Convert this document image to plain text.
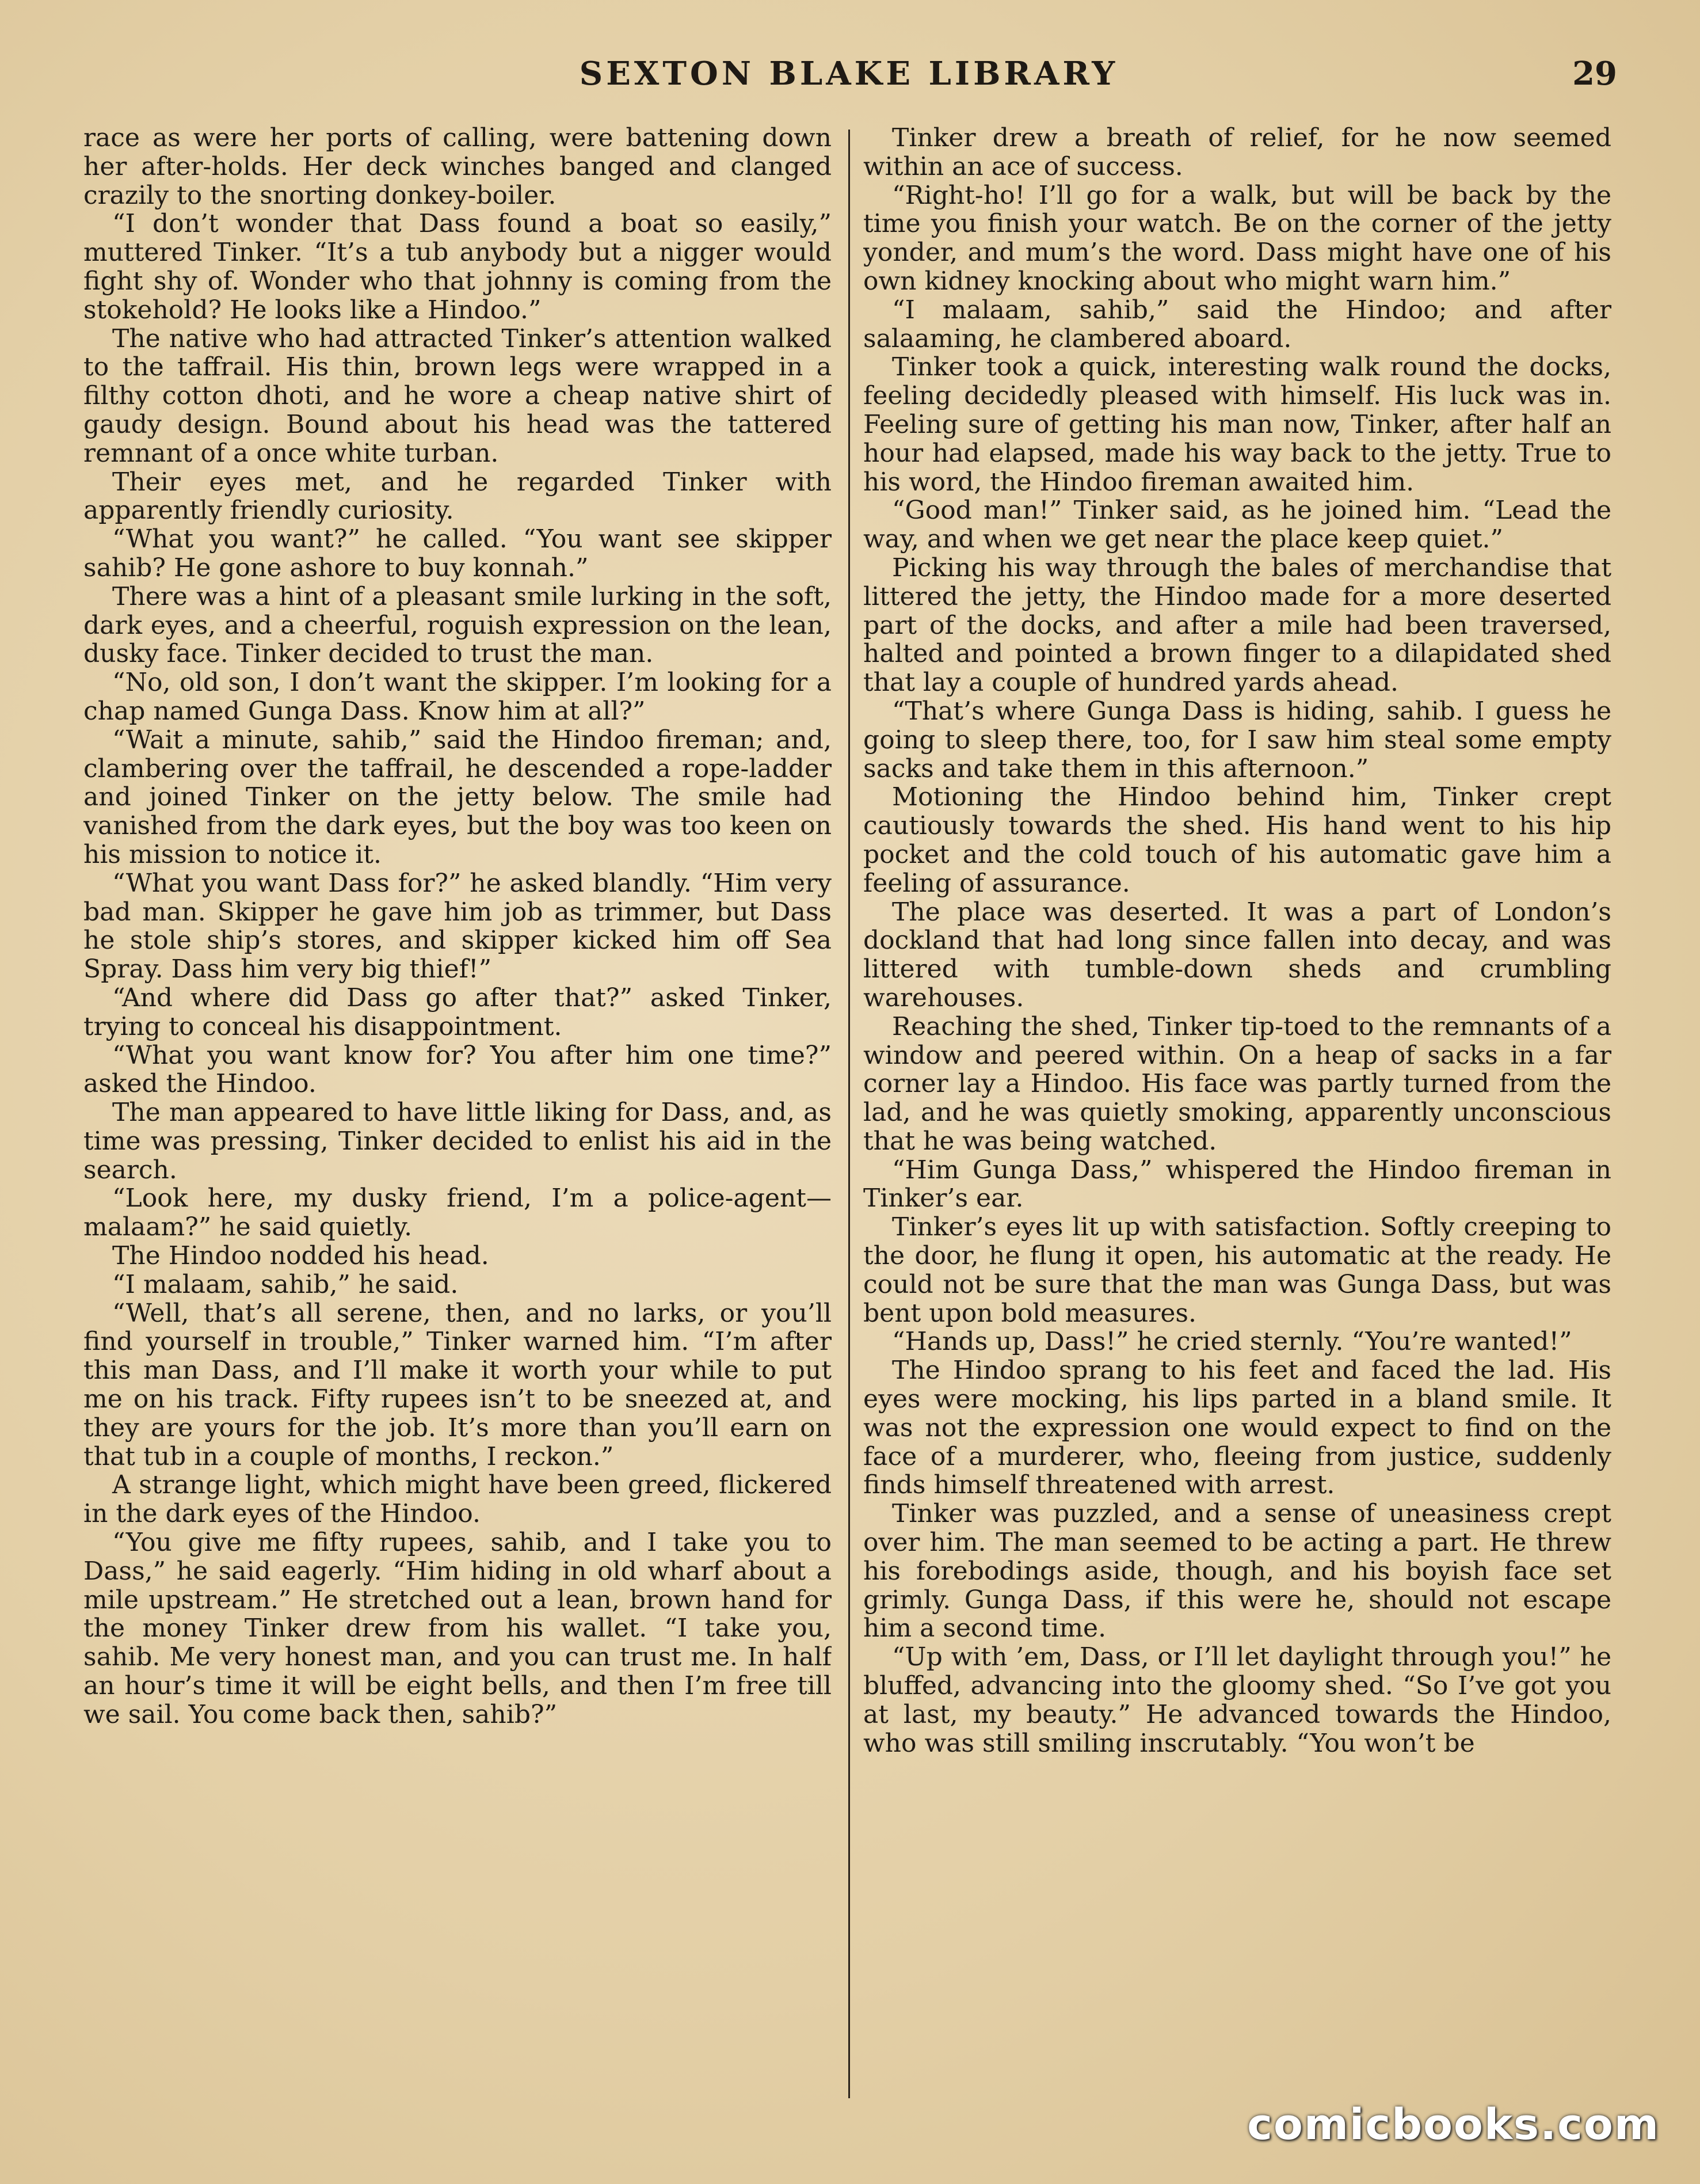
SEXTON BLAKE LIBRARY	29

race as were her ports of calling, were battening down her after-holds. Her deck winches banged and clanged crazily to the snorting donkey-boiler.

“I don’t wonder that Dass found a boat so easily,” muttered Tinker. “It’s a tub anybody but a nigger would fight shy of. Wonder who that johnny is coming from the stokehold? He looks like a Hindoo.”

The native who had attracted Tinker’s attention walked to the taffrail. His thin, brown legs were wrapped in a filthy cotton dhoti, and he wore a cheap native shirt of gaudy design. Bound about his head was the tattered remnant of a once white turban.

Their eyes met, and he regarded Tinker with apparently friendly curiosity.

“What you want?” he called. “You want see skipper sahib? He gone ashore to buy konnah.”

There was a hint of a pleasant smile lurking in the soft, dark eyes, and a cheerful, roguish expression on the lean, dusky face. Tinker decided to trust the man.

“No, old son, I don’t want the skipper. I’m looking for a chap named Gunga Dass. Know him at all?”

“Wait a minute, sahib,” said the Hindoo fireman; and, clambering over the taffrail, he descended a rope-ladder and joined Tinker on the jetty below. The smile had vanished from the dark eyes, but the boy was too keen on his mission to notice it.

“What you want Dass for?” he asked blandly. “Him very bad man. Skipper he gave him job as trimmer, but Dass he stole ship’s stores, and skipper kicked him off Sea Spray. Dass him very big thief!”

“And where did Dass go after that?” asked Tinker, trying to conceal his disappointment.

“What you want know for? You after him one time?” asked the Hindoo.

The man appeared to have little liking for Dass, and, as time was pressing, Tinker decided to enlist his aid in the search.

“Look here, my dusky friend, I’m a police-agent—malaam?” he said quietly.

The Hindoo nodded his head.

“I malaam, sahib,” he said.

“Well, that’s all serene, then, and no larks, or you’ll find yourself in trouble,” Tinker warned him. “I’m after this man Dass, and I’ll make it worth your while to put me on his track. Fifty rupees isn’t to be sneezed at, and they are yours for the job. It’s more than you’ll earn on that tub in a couple of months, I reckon.”

A strange light, which might have been greed, flickered in the dark eyes of the Hindoo.

“You give me fifty rupees, sahib, and I take you to Dass,” he said eagerly. “Him hiding in old wharf about a mile upstream.” He stretched out a lean, brown hand for the money Tinker drew from his wallet. “I take you, sahib. Me very honest man, and you can trust me. In half an hour’s time it will be eight bells, and then I’m free till we sail. You come back then, sahib?”

Tinker drew a breath of relief, for he now seemed within an ace of success.

“Right-ho! I’ll go for a walk, but will be back by the time you finish your watch. Be on the corner of the jetty yonder, and mum’s the word. Dass might have one of his own kidney knocking about who might warn him.”

“I malaam, sahib,” said the Hindoo; and after salaaming, he clambered aboard.

Tinker took a quick, interesting walk round the docks, feeling decidedly pleased with himself. His luck was in. Feeling sure of getting his man now, Tinker, after half an hour had elapsed, made his way back to the jetty. True to his word, the Hindoo fireman awaited him.

“Good man!” Tinker said, as he joined him. “Lead the way, and when we get near the place keep quiet.”

Picking his way through the bales of merchandise that littered the jetty, the Hindoo made for a more deserted part of the docks, and after a mile had been traversed, halted and pointed a brown finger to a dilapidated shed that lay a couple of hundred yards ahead.

“That’s where Gunga Dass is hiding, sahib. I guess he going to sleep there, too, for I saw him steal some empty sacks and take them in this afternoon.”

Motioning the Hindoo behind him, Tinker crept cautiously towards the shed. His hand went to his hip pocket and the cold touch of his automatic gave him a feeling of assurance.

The place was deserted. It was a part of London’s dockland that had long since fallen into decay, and was littered with tumble-down sheds and crumbling warehouses.

Reaching the shed, Tinker tip-toed to the remnants of a window and peered within. On a heap of sacks in a far corner lay a Hindoo. His face was partly turned from the lad, and he was quietly smoking, apparently unconscious that he was being watched.

“Him Gunga Dass,” whispered the Hindoo fireman in Tinker’s ear.

Tinker’s eyes lit up with satisfaction. Softly creeping to the door, he flung it open, his automatic at the ready. He could not be sure that the man was Gunga Dass, but was bent upon bold measures.

“Hands up, Dass!” he cried sternly. “You’re wanted!”

The Hindoo sprang to his feet and faced the lad. His eyes were mocking, his lips parted in a bland smile. It was not the expression one would expect to find on the face of a murderer, who, fleeing from justice, suddenly finds himself threatened with arrest.

Tinker was puzzled, and a sense of uneasiness crept over him. The man seemed to be acting a part. He threw his forebodings aside, though, and his boyish face set grimly. Gunga Dass, if this were he, should not escape him a second time.

“Up with ’em, Dass, or I’ll let daylight through you!” he bluffed, advancing into the gloomy shed. “So I’ve got you at last, my beauty.” He advanced towards the Hindoo, who was still smiling inscrutably. “You won’t be

comicbooks.com
